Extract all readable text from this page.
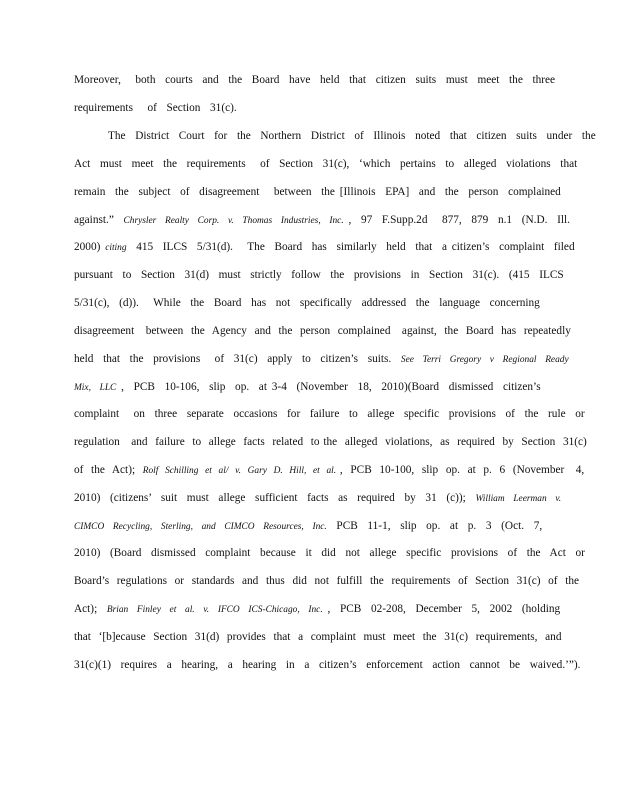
Moreover,   both  courts  and  the  Board  have  held  that  citizen  suits  must  meet  the  three
requirements   of  Section  31(c).
The  District  Court  for  the  Northern  District  of  Illinois  noted  that  citizen  suits  under  the
Act  must  meet  the  requirements   of  Section  31(c),  ‘which  pertains  to  alleged  violations  that
remain  the  subject  of  disagreement   between  the [Illinois  EPA]  and  the  person  complained
against.” Chrysler  Realty  Corp.  v.  Thomas  Industries,  Inc. ,  97  F.Supp.2d   877,  879  n.1  (N.D.  Ill.
2000) citing  415  ILCS  5/31(d).   The  Board  has  similarly  held  that  a citizen’s  complaint  filed
pursuant  to  Section  31(d)  must  strictly  follow  the  provisions  in  Section  31(c).  (415  ILCS
5/31(c),  (d)).   While  the  Board  has  not  specifically  addressed  the  language  concerning
disagreement   between  the  Agency  and  the  person  complained   against,  the  Board  has  repeatedly
held  that  the  provisions   of  31(c)  apply  to  citizen’s  suits. See  Terri  Gregory  v  Regional  Ready
Mix,  LLC ,  PCB  10-106,  slip  op.  at 3-4  (November  18,  2010)(Board  dismissed  citizen’s
complaint   on  three  separate  occasions  for  failure  to  allege  specific  provisions  of  the  rule  or
regulation   and  failure  to  allege  facts  related  to the  alleged  violations,  as  required  by  Section  31(c)
of  the  Act); Rolf  Schilling  et  al/  v.  Gary  D.  Hill,  et  al. ,  PCB  10-100,  slip  op.  at  p.  6  (November   4,
2010)  (citizens’  suit  must  allege  sufficient  facts  as  required  by  31  (c)); William  Leerman  v.
CIMCO  Recycling,  Sterling,  and  CIMCO  Resources,  Inc.  PCB  11-1,  slip  op.  at  p.  3  (Oct.  7,
2010)  (Board  dismissed  complaint  because  it  did  not  allege  specific  provisions  of  the  Act  or
Board’s  regulations  or  standards  and  thus  did  not  fulfill  the  requirements  of  Section  31(c)  of  the
Act); Brian  Finley  et  al.  v.  IFCO  ICS-Chicago,  Inc. ,  PCB  02-208,  December  5,  2002  (holding
that  ‘[b]ecause  Section  31(d)  provides  that  a  complaint  must  meet  the  31(c)  requirements,  and
31(c)(1)  requires  a  hearing,  a  hearing  in  a  citizen’s  enforcement  action  cannot  be  waived.’”).
